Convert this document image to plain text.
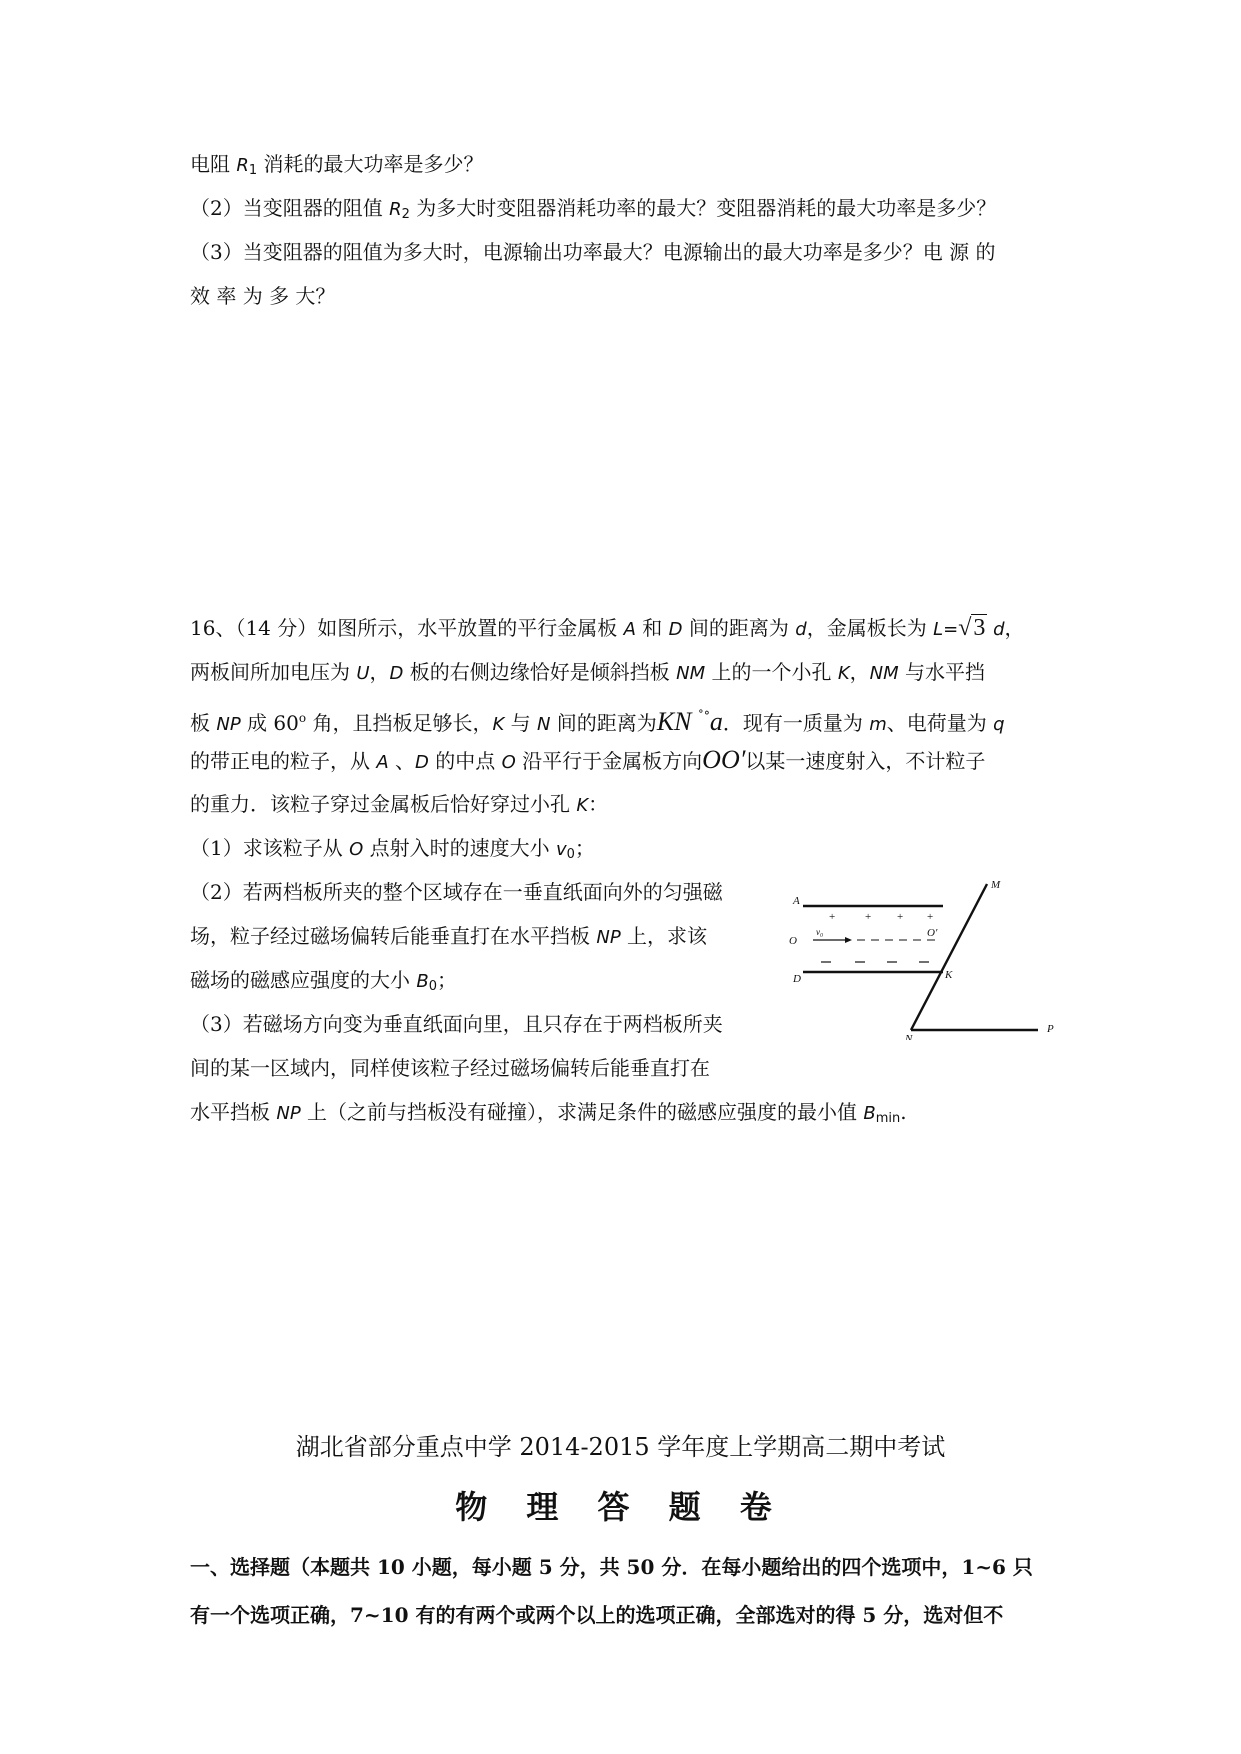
电阻 $R_1$ 消耗的最大功率是多少？
（2）当变阻器的阻值 $R_2$ 为多大时变阻器消耗功率的最大？变阻器消耗的最大功率是多少？
（3）当变阻器的阻值为多大时，电源输出功率最大？电源输出的最大功率是多少？电 源 的
效 率 为 多 大？
16、（14 分）如图所示，水平放置的平行金属板 A 和 D 间的距离为 d，金属板长为 L=√3 d，
两板间所加电压为 U，D 板的右侧边缘恰好是倾斜挡板 NM 上的一个小孔 K，NM 与水平挡
板 NP 成 60$^o$ 角，且挡板足够长，K 与 N 间的距离为KN ˚°a．现有一质量为 m、电荷量为 q
的带正电的粒子，从 A 、D 的中点 O 沿平行于金属板方向OO′以某一速度射入，不计粒子
的重力．该粒子穿过金属板后恰好穿过小孔 K：
（1）求该粒子从 O 点射入时的速度大小 $v_0$；
（2）若两档板所夹的整个区域存在一垂直纸面向外的匀强磁
场，粒子经过磁场偏转后能垂直打在水平挡板 NP 上，求该
磁场的磁感应强度的大小 $B_0$；
（3）若磁场方向变为垂直纸面向里，且只存在于两档板所夹
间的某一区域内，同样使该粒子经过磁场偏转后能垂直打在
水平挡板 NP 上（之前与挡板没有碰撞），求满足条件的磁感应强度的最小值 $B_{min}$.
+	+ + +
A
O
v₀	O′
D	K
M
N
P
湖北省部分重点中学 2014-2015 学年度上学期高二期中考试
物 理 答 题 卷
一、选择题（本题共 10 小题，每小题 5 分，共 50 分．在每小题给出的四个选项中，1~6 只
有一个选项正确，7~10 有的有两个或两个以上的选项正确，全部选对的得 5 分，选对但不
